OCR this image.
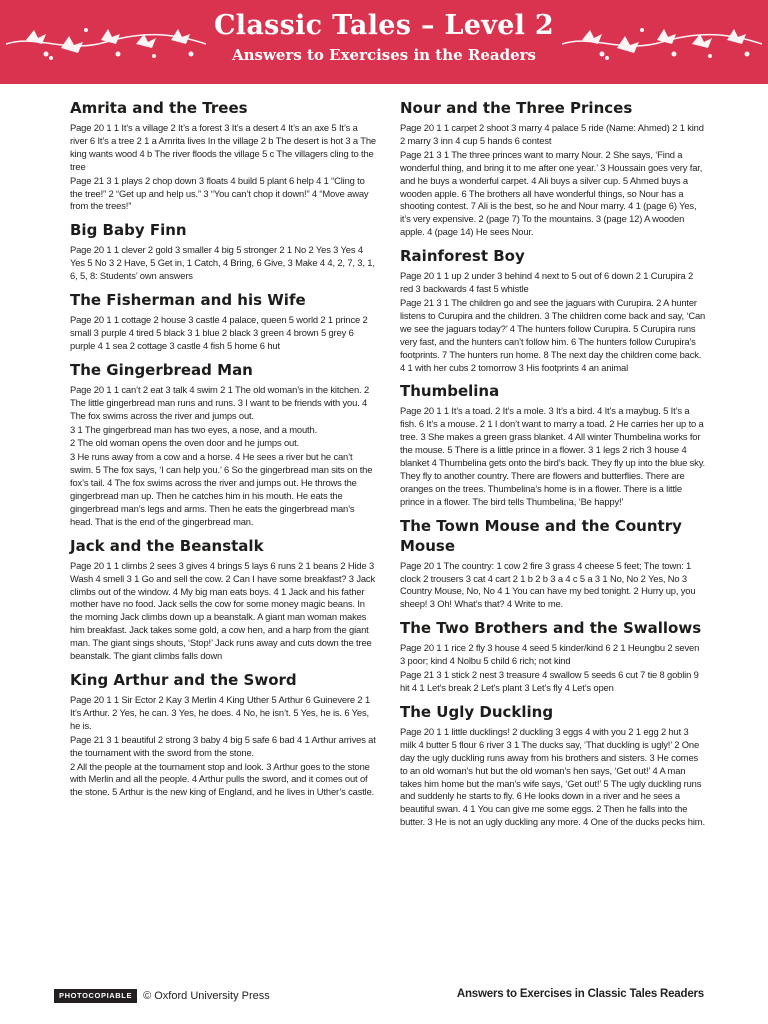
Classic Tales – Level 2
Answers to Exercises in the Readers
Amrita and the Trees

Page 20 1 1 It’s a village 2 It’s a forest 3 It’s a desert 4 It’s an axe 5 It’s a river 6 It’s a tree 2 1 a Amrita lives In the village 2 b The desert is hot 3 a The king wants wood 4 b The river floods the village 5 c The villagers cling to the tree

Page 21 3 1 plays 2 chop down 3 floats 4 build 5 plant 6 help 4 1 “Cling to the tree!” 2 “Get up and help us.” 3 “You can’t chop it down!” 4 “Move away from the trees!”

Big Baby Finn

Page 20 1 1 clever 2 gold 3 smaller 4 big 5 stronger 2 1 No 2 Yes 3 Yes 4 Yes 5 No 3 2 Have, 5 Get in, 1 Catch, 4 Bring, 6 Give, 3 Make 4 4, 2, 7, 3, 1, 6, 5, 8: Students’ own answers

The Fisherman and his Wife

Page 20 1 1 cottage 2 house 3 castle 4 palace, queen 5 world 2 1 prince 2 small 3 purple 4 tired 5 black 3 1 blue 2 black 3 green 4 brown 5 grey 6 purple 4 1 sea 2 cottage 3 castle 4 fish 5 home 6 hut

The Gingerbread Man

Page 20 1 1 can’t 2 eat 3 talk 4 swim 2 1 The old woman’s in the kitchen. 2 The little gingerbread man runs and runs. 3 I want to be friends with you. 4 The fox swims across the river and jumps out.

3 1 The gingerbread man has two eyes, a nose, and a mouth.

2 The old woman opens the oven door and he jumps out.

3 He runs away from a cow and a horse. 4 He sees a river but he can’t swim. 5 The fox says, ‘I can help you.’ 6 So the gingerbread man sits on the fox’s tail. 4 The fox swims across the river and jumps out. He throws the gingerbread man up. Then he catches him in his mouth. He eats the gingerbread man’s legs and arms. Then he eats the gingerbread man’s head. That is the end of the gingerbread man.

Jack and the Beanstalk

Page 20 1 1 climbs 2 sees 3 gives 4 brings 5 lays 6 runs 2 1 beans 2 Hide 3 Wash 4 smell 3 1 Go and sell the cow. 2 Can I have some breakfast? 3 Jack climbs out of the window. 4 My big man eats boys. 4 1 Jack and his father mother have no food. Jack sells the cow for some money magic beans. In the morning Jack climbs down up a beanstalk. A giant man woman makes him breakfast. Jack takes some gold, a cow hen, and a harp from the giant man. The giant sings shouts, ‘Stop!’ Jack runs away and cuts down the tree beanstalk. The giant climbs falls down

King Arthur and the Sword

Page 20 1 1 Sir Ector 2 Kay 3 Merlin 4 King Uther 5 Arthur 6 Guinevere 2 1 It’s Arthur. 2 Yes, he can. 3 Yes, he does. 4 No, he isn’t. 5 Yes, he is. 6 Yes, he is.

Page 21 3 1 beautiful 2 strong 3 baby 4 big 5 safe 6 bad 4 1 Arthur arrives at the tournament with the sword from the stone.

2 All the people at the tournament stop and look. 3 Arthur goes to the stone with Merlin and all the people. 4 Arthur pulls the sword, and it comes out of the stone. 5 Arthur is the new king of England, and he lives in Uther’s castle.

Nour and the Three Princes

Page 20 1 1 carpet 2 shoot 3 marry 4 palace 5 ride (Name: Ahmed) 2 1 kind 2 marry 3 inn 4 cup 5 hands 6 contest

Page 21 3 1 The three princes want to marry Nour. 2 She says, ‘Find a wonderful thing, and bring it to me after one year.’ 3 Houssain goes very far, and he buys a wonderful carpet. 4 Ali buys a silver cup. 5 Ahmed buys a wooden apple. 6 The brothers all have wonderful things, so Nour has a shooting contest. 7 Ali is the best, so he and Nour marry. 4 1 (page 6) Yes, it’s very expensive. 2 (page 7) To the mountains. 3 (page 12) A wooden apple. 4 (page 14) He sees Nour.

Rainforest Boy

Page 20 1 1 up 2 under 3 behind 4 next to 5 out of 6 down 2 1 Curupira 2 red 3 backwards 4 fast 5 whistle

Page 21 3 1 The children go and see the jaguars with Curupira. 2 A hunter listens to Curupira and the children. 3 The children come back and say, ‘Can we see the jaguars today?’ 4 The hunters follow Curupira. 5 Curupira runs very fast, and the hunters can’t follow him. 6 The hunters follow Curupira’s footprints. 7 The hunters run home. 8 The next day the children come back. 4 1 with her cubs 2 tomorrow 3 His footprints 4 an animal

Thumbelina

Page 20 1 1 It’s a toad. 2 It’s a mole. 3 It’s a bird. 4 It’s a maybug. 5 It’s a fish. 6 It’s a mouse. 2 1 I don’t want to marry a toad. 2 He carries her up to a tree. 3 She makes a green grass blanket. 4 All winter Thumbelina works for the mouse. 5 There is a little prince in a flower. 3 1 legs 2 rich 3 house 4 blanket 4 Thumbelina gets onto the bird’s back. They fly up into the blue sky. They fly to another country. There are flowers and butterflies. There are oranges on the trees. Thumbelina’s home is in a flower. There is a little prince in a flower. The bird tells Thumbelina, ‘Be happy!’

The Town Mouse and the Country Mouse

Page 20 1 The country: 1 cow 2 fire 3 grass 4 cheese 5 feet; The town: 1 clock 2 trousers 3 cat 4 cart 2 1 b 2 b 3 a 4 c 5 a 3 1 No, No 2 Yes, No 3 Country Mouse, No, No 4 1 You can have my bed tonight. 2 Hurry up, you sheep! 3 Oh! What’s that? 4 Write to me.

The Two Brothers and the Swallows

Page 20 1 1 rice 2 fly 3 house 4 seed 5 kinder/kind 6 2 1 Heungbu 2 seven 3 poor; kind 4 Nolbu 5 child 6 rich; not kind

Page 21 3 1 stick 2 nest 3 treasure 4 swallow 5 seeds 6 cut 7 tie 8 goblin 9 hit 4 1 Let’s break 2 Let’s plant 3 Let’s fly 4 Let’s open

The Ugly Duckling

Page 20 1 1 little ducklings! 2 duckling 3 eggs 4 with you 2 1 egg 2 hut 3 milk 4 butter 5 flour 6 river 3 1 The ducks say, ‘That duckling is ugly!’ 2 One day the ugly duckling runs away from his brothers and sisters. 3 He comes to an old woman’s hut but the old woman’s hen says, ‘Get out!’ 4 A man takes him home but the man’s wife says, ‘Get out!’ 5 The ugly duckling runs and suddenly he starts to fly. 6 He looks down in a river and he sees a beautiful swan. 4 1 You can give me some eggs. 2 Then he falls into the butter. 3 He is not an ugly duckling any more. 4 One of the ducks pecks him.

PHOTOCOPIABLE	© Oxford University Press	Answers to Exercises in Classic Tales Readers
